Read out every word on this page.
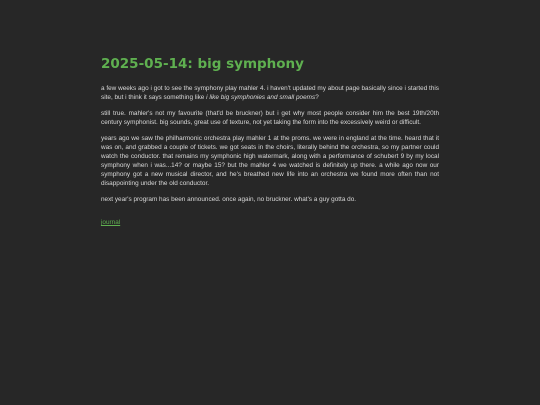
2025-05-14: big symphony

a few weeks ago i got to see the symphony play mahler 4. i haven't updated my about page basically since i started this site, but i think it says something like i like big symphonies and small poems?

still true. mahler's not my favourite (that'd be bruckner) but i get why most people consider him the best 19th/20th century symphonist. big sounds, great use of texture, not yet taking the form into the excessively weird or difficult.

years ago we saw the philharmonic orchestra play mahler 1 at the proms. we were in england at the time. heard that it was on, and grabbed a couple of tickets. we got seats in the choirs, literally behind the orchestra, so my partner could watch the conductor. that remains my symphonic high watermark, along with a performance of schubert 9 by my local symphony when i was...14? or maybe 15? but the mahler 4 we watched is definitely up there. a while ago now our symphony got a new musical director, and he's breathed new life into an orchestra we found more often than not disappointing under the old conductor.

next year's program has been announced. once again, no bruckner. what's a guy gotta do.

journal
